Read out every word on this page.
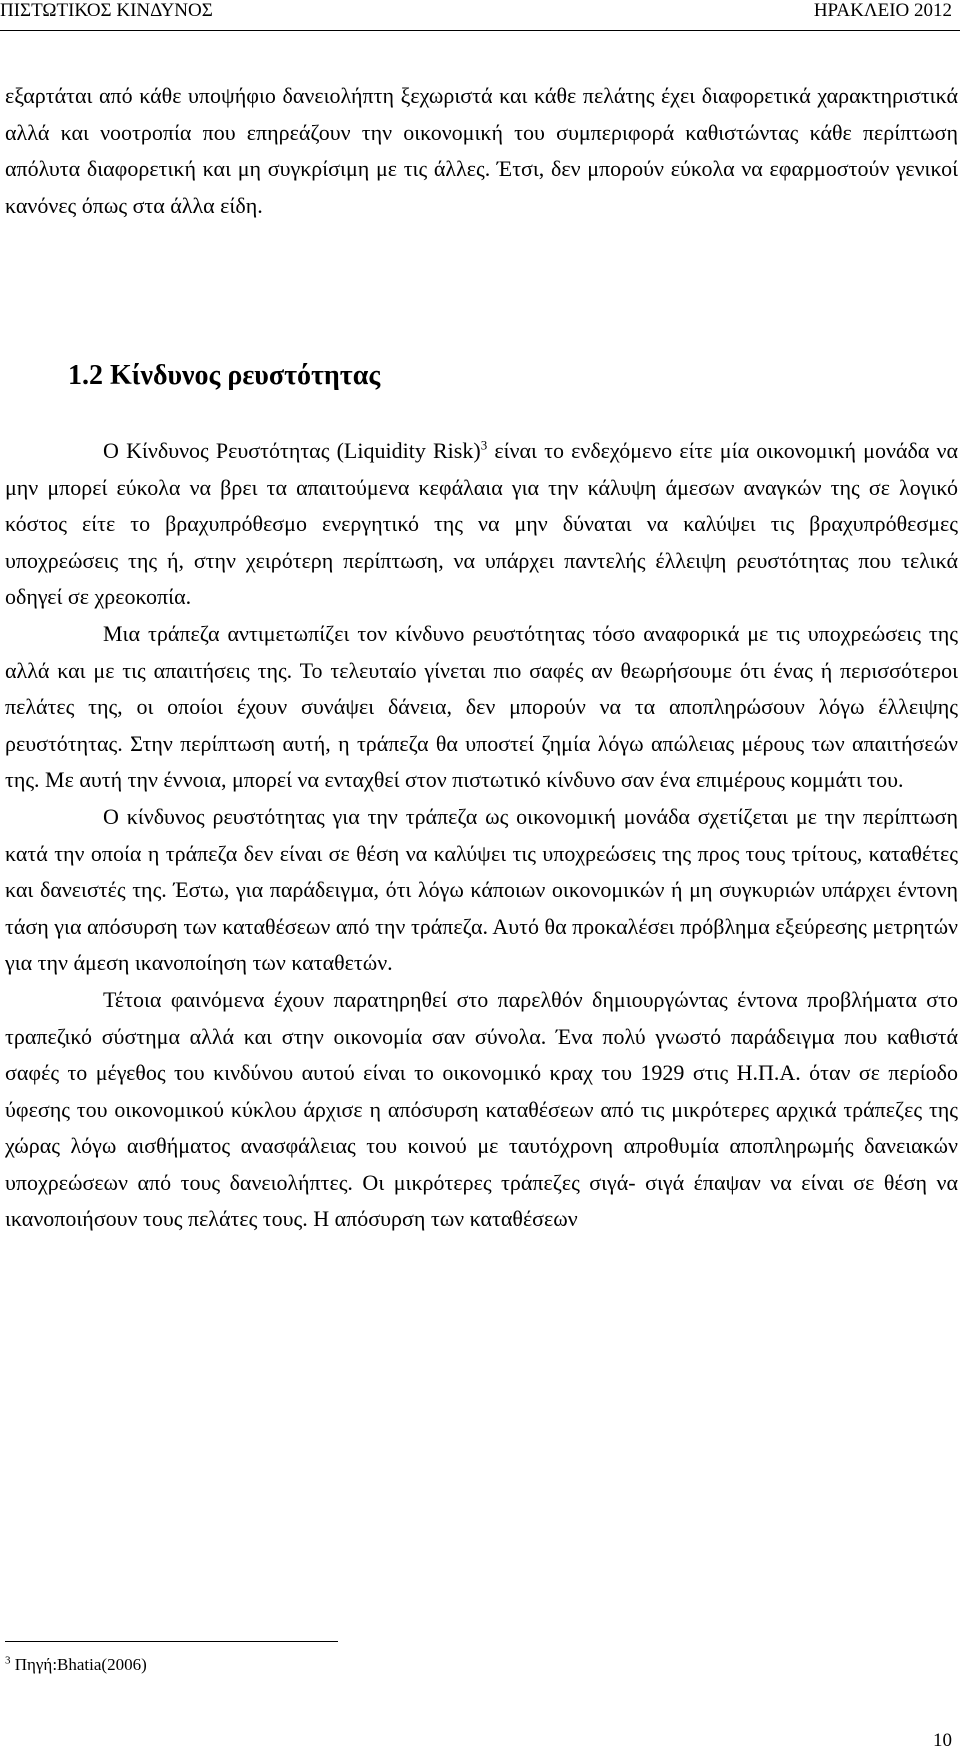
ΠΙΣΤΩΤΙΚΟΣ ΚΙΝΔΥΝΟΣ	ΗΡΑΚΛΕΙΟ 2012

εξαρτάται από κάθε υποψήφιο δανειολήπτη ξεχωριστά και κάθε πελάτης έχει διαφορετικά χαρακτηριστικά αλλά και νοοτροπία που επηρεάζουν την οικονομική του συμπεριφορά καθιστώντας κάθε περίπτωση απόλυτα διαφορετική και μη συγκρίσιμη με τις άλλες. Έτσι, δεν μπορούν εύκολα να εφαρμοστούν γενικοί κανόνες όπως στα άλλα είδη.

1.2 Κίνδυνος ρευστότητας

Ο Κίνδυνος Ρευστότητας (Liquidity Risk)$^3$ είναι το ενδεχόμενο είτε μία οικονομική μονάδα να μην μπορεί εύκολα να βρει τα απαιτούμενα κεφάλαια για την κάλυψη άμεσων αναγκών της σε λογικό κόστος είτε το βραχυπρόθεσμο ενεργητικό της να μην δύναται να καλύψει τις βραχυπρόθεσμες υποχρεώσεις της ή, στην χειρότερη περίπτωση, να υπάρχει παντελής έλλειψη ρευστότητας που τελικά οδηγεί σε χρεοκοπία.

Μια τράπεζα αντιμετωπίζει τον κίνδυνο ρευστότητας τόσο αναφορικά με τις υποχρεώσεις της αλλά και με τις απαιτήσεις της. Το τελευταίο γίνεται πιο σαφές αν θεωρήσουμε ότι ένας ή περισσότεροι πελάτες της, οι οποίοι έχουν συνάψει δάνεια, δεν μπορούν να τα αποπληρώσουν λόγω έλλειψης ρευστότητας. Στην περίπτωση αυτή, η τράπεζα θα υποστεί ζημία λόγω απώλειας μέρους των απαιτήσεών της. Με αυτή την έννοια, μπορεί να ενταχθεί στον πιστωτικό κίνδυνο σαν ένα επιμέρους κομμάτι του.

Ο κίνδυνος ρευστότητας για την τράπεζα ως οικονομική μονάδα σχετίζεται με την περίπτωση κατά την οποία η τράπεζα δεν είναι σε θέση να καλύψει τις υποχρεώσεις της προς τους τρίτους, καταθέτες και δανειστές της. Έστω, για παράδειγμα, ότι λόγω κάποιων οικονομικών ή μη συγκυριών υπάρχει έντονη τάση για απόσυρση των καταθέσεων από την τράπεζα. Αυτό θα προκαλέσει πρόβλημα εξεύρεσης μετρητών για την άμεση ικανοποίηση των καταθετών.

Τέτοια φαινόμενα έχουν παρατηρηθεί στο παρελθόν δημιουργώντας έντονα προβλήματα στο τραπεζικό σύστημα αλλά και στην οικονομία σαν σύνολα. Ένα πολύ γνωστό παράδειγμα που καθιστά σαφές το μέγεθος του κινδύνου αυτού είναι το οικονομικό κραχ του 1929 στις Η.Π.Α. όταν σε περίοδο ύφεσης του οικονομικού κύκλου άρχισε η απόσυρση καταθέσεων από τις μικρότερες αρχικά τράπεζες της χώρας λόγω αισθήματος ανασφάλειας του κοινού με ταυτόχρονη απροθυμία αποπληρωμής δανειακών υποχρεώσεων από τους δανειολήπτες. Οι μικρότερες τράπεζες σιγά- σιγά έπαψαν να είναι σε θέση να ικανοποιήσουν τους πελάτες τους. Η απόσυρση των καταθέσεων

$^3$ Πηγή:Bhatia(2006)
10
